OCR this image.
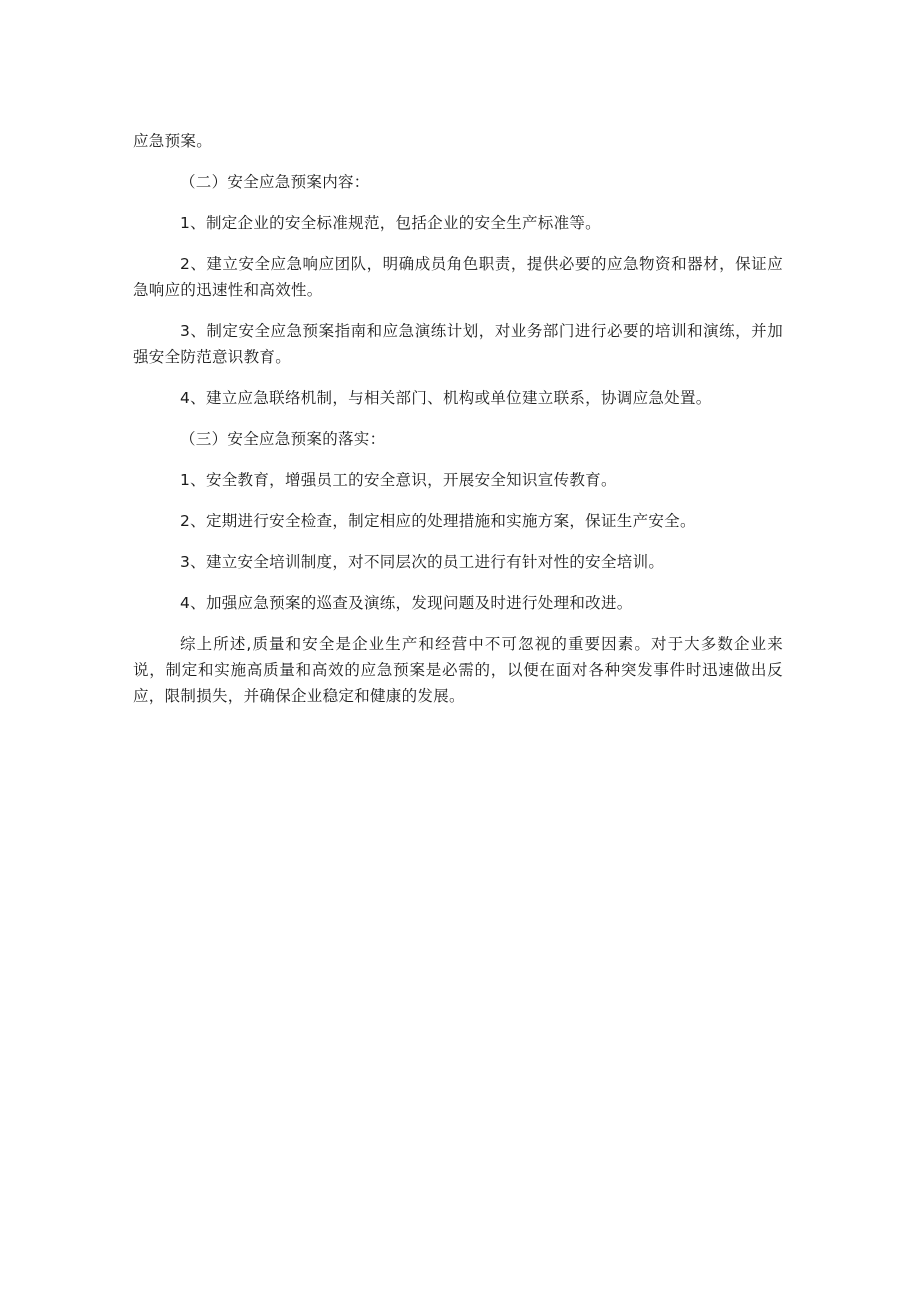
应急预案。

（二）安全应急预案内容：

1、制定企业的安全标准规范，包括企业的安全生产标准等。

2、建立安全应急响应团队，明确成员角色职责，提供必要的应急物资和器材，保证应急响应的迅速性和高效性。

3、制定安全应急预案指南和应急演练计划，对业务部门进行必要的培训和演练，并加强安全防范意识教育。

4、建立应急联络机制，与相关部门、机构或单位建立联系，协调应急处置。

（三）安全应急预案的落实：

1、安全教育，增强员工的安全意识，开展安全知识宣传教育。

2、定期进行安全检查，制定相应的处理措施和实施方案，保证生产安全。

3、建立安全培训制度，对不同层次的员工进行有针对性的安全培训。

4、加强应急预案的巡查及演练，发现问题及时进行处理和改进。

综上所述,质量和安全是企业生产和经营中不可忽视的重要因素。对于大多数企业来说，制定和实施高质量和高效的应急预案是必需的，以便在面对各种突发事件时迅速做出反应，限制损失，并确保企业稳定和健康的发展。
